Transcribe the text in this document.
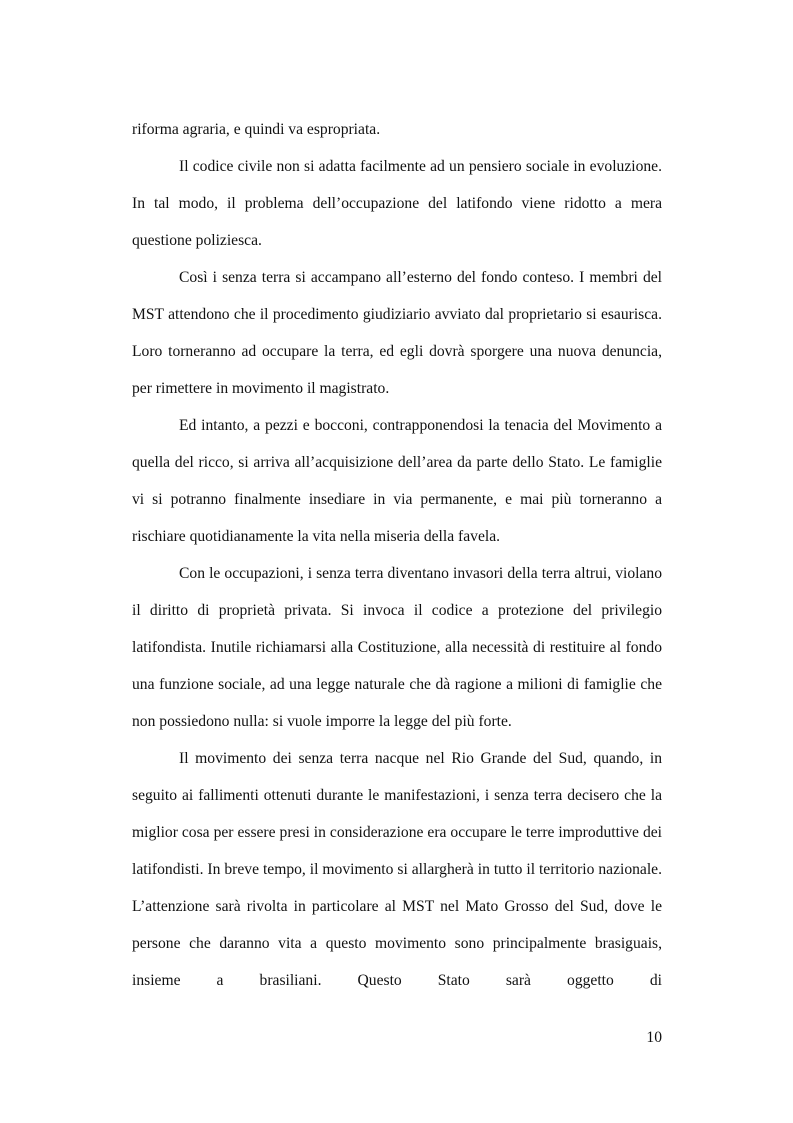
riforma agraria, e quindi va espropriata.

Il codice civile non si adatta facilmente ad un pensiero sociale in evoluzione. In tal modo, il problema dell’occupazione del latifondo viene ridotto a mera questione poliziesca.

Così i senza terra si accampano all’esterno del fondo conteso. I membri del MST attendono che il procedimento giudiziario avviato dal proprietario si esaurisca. Loro torneranno ad occupare la terra, ed egli dovrà sporgere una nuova denuncia, per rimettere in movimento il magistrato.

Ed intanto, a pezzi e bocconi, contrapponendosi la tenacia del Movimento a quella del ricco, si arriva all’acquisizione dell’area da parte dello Stato. Le famiglie vi si potranno finalmente insediare in via permanente, e mai più torneranno a rischiare quotidianamente la vita nella miseria della favela.

Con le occupazioni, i senza terra diventano invasori della terra altrui, violano il diritto di proprietà privata. Si invoca il codice a protezione del privilegio latifondista. Inutile richiamarsi alla Costituzione, alla necessità di restituire al fondo una funzione sociale, ad una legge naturale che dà ragione a milioni di famiglie che non possiedono nulla: si vuole imporre la legge del più forte.

Il movimento dei senza terra nacque nel Rio Grande del Sud, quando, in seguito ai fallimenti ottenuti durante le manifestazioni, i senza terra decisero che la miglior cosa per essere presi in considerazione era occupare le terre improduttive dei latifondisti. In breve tempo, il movimento si allargherà in tutto il territorio nazionale. L’attenzione sarà rivolta in particolare al MST nel Mato Grosso del Sud, dove le persone che daranno vita a questo movimento sono principalmente brasiguais, insieme a brasiliani. Questo Stato sarà oggetto di

10
